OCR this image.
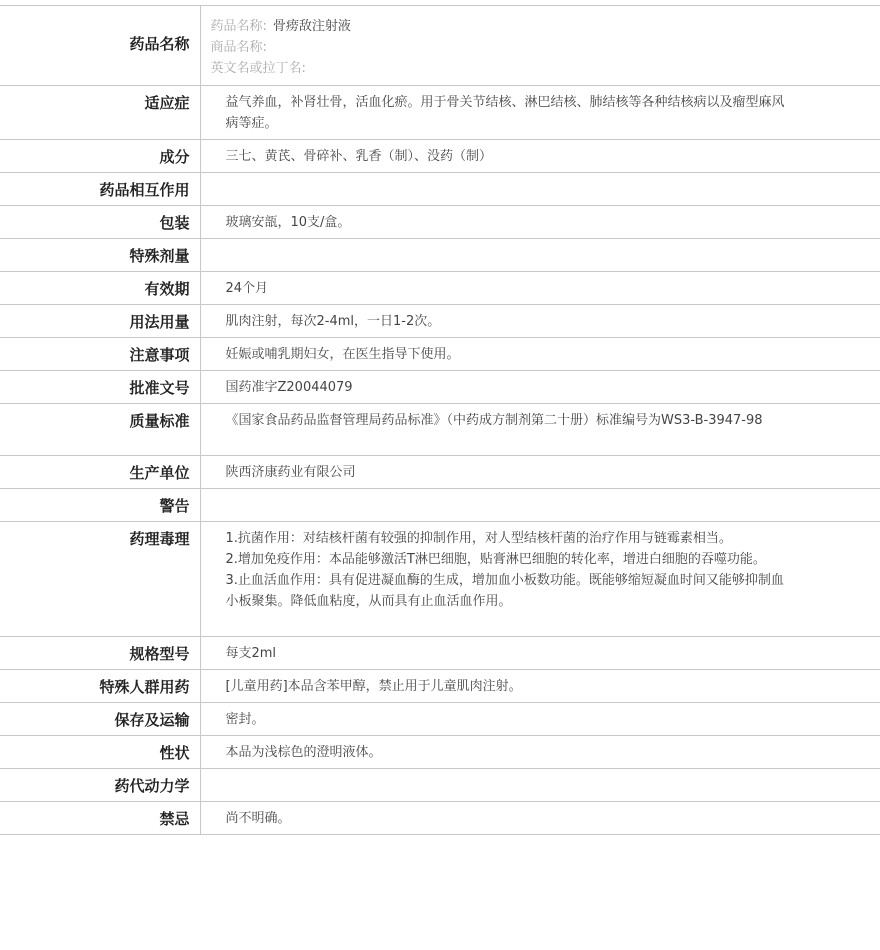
药品名称	药品名称: 骨痨敌注射液
商品名称:
英文名或拉丁名:

适应症	益气养血，补肾壮骨，活血化瘀。用于骨关节结核、淋巴结核、肺结核等各种结核病以及瘤型麻风病等症。

成分	三七、黄芪、骨碎补、乳香（制）、没药（制）

药品相互作用	

包装	玻璃安瓿，10支/盒。

特殊剂量	

有效期	24个月

用法用量	肌肉注射，每次2-4ml，一日1-2次。

注意事项	妊娠或哺乳期妇女，在医生指导下使用。

批准文号	国药准字Z20044079

质量标准	《国家食品药品监督管理局药品标准》（中药成方制剂第二十册）标准编号为WS3-B-3947-98

生产单位	陕西济康药业有限公司

警告	

药理毒理	1.抗菌作用：对结核杆菌有较强的抑制作用，对人型结核杆菌的治疗作用与链霉素相当。

2.增加免疫作用：本品能够激活T淋巴细胞，贴膏淋巴细胞的转化率，增进白细胞的吞噬功能。

3.止血活血作用：具有促进凝血酶的生成，增加血小板数功能。既能够缩短凝血时间又能够抑制血小板聚集。降低血粘度，从而具有止血活血作用。

规格型号	每支2ml

特殊人群用药	[儿童用药]本品含苯甲醇，禁止用于儿童肌肉注射。

保存及运输	密封。

性状	本品为浅棕色的澄明液体。

药代动力学	

禁忌	尚不明确。
